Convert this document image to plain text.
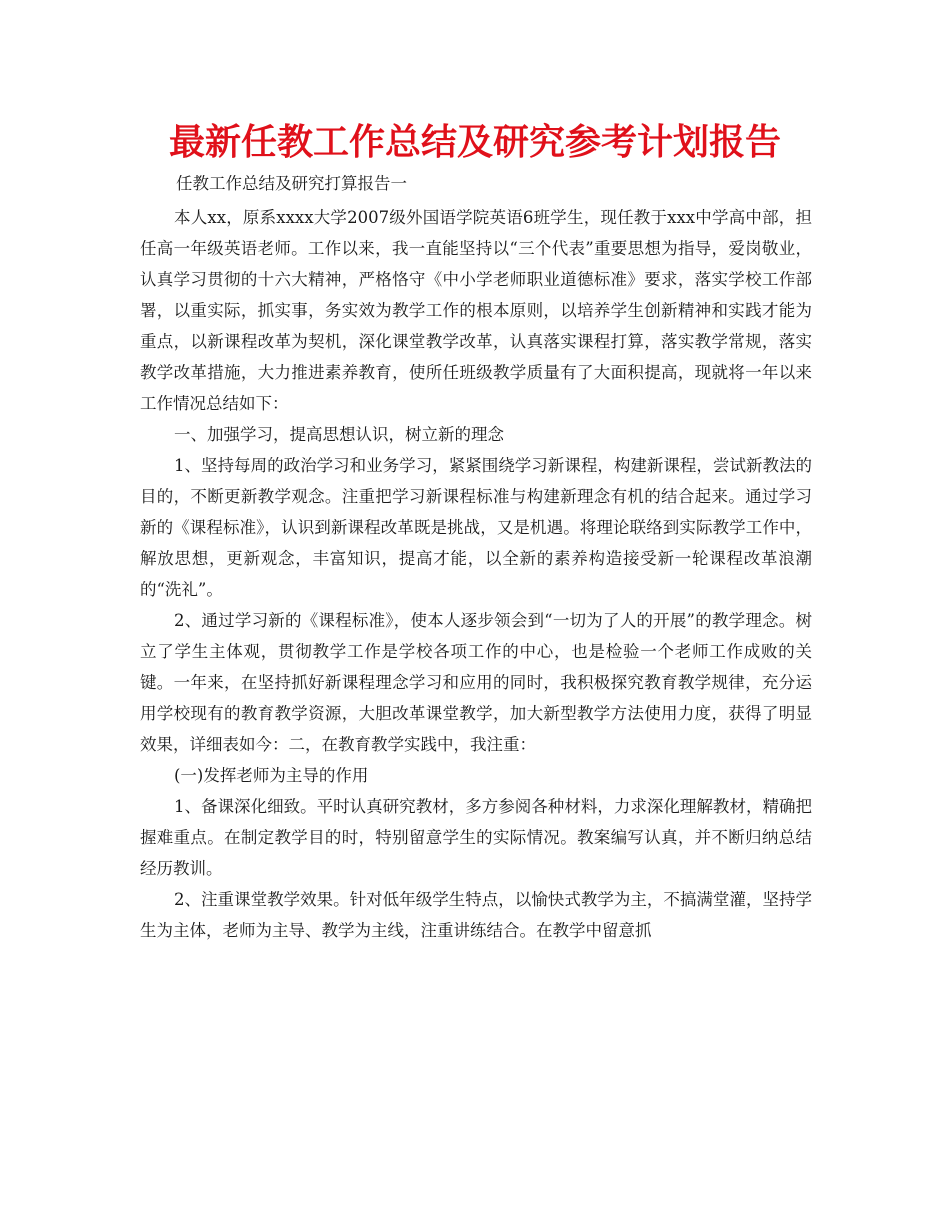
最新任教工作总结及研究参考计划报告

任教工作总结及研究打算报告一

本人xx，原系xxxx大学2007级外国语学院英语6班学生，现任教于xxx中学高中部，担任高一年级英语老师。工作以来，我一直能坚持以“三个代表”重要思想为指导，爱岗敬业，认真学习贯彻的十六大精神，严格恪守《中小学老师职业道德标准》要求，落实学校工作部署，以重实际，抓实事，务实效为教学工作的根本原则，以培养学生创新精神和实践才能为重点，以新课程改革为契机，深化课堂教学改革，认真落实课程打算，落实教学常规，落实教学改革措施，大力推进素养教育，使所任班级教学质量有了大面积提高，现就将一年以来工作情况总结如下：

一、加强学习，提高思想认识，树立新的理念

1、坚持每周的政治学习和业务学习，紧紧围绕学习新课程，构建新课程，尝试新教法的目的，不断更新教学观念。注重把学习新课程标准与构建新理念有机的结合起来。通过学习新的《课程标准》，认识到新课程改革既是挑战，又是机遇。将理论联络到实际教学工作中，解放思想，更新观念，丰富知识，提高才能，以全新的素养构造接受新一轮课程改革浪潮的“洗礼”。

2、通过学习新的《课程标准》，使本人逐步领会到“一切为了人的开展”的教学理念。树立了学生主体观，贯彻教学工作是学校各项工作的中心，也是检验一个老师工作成败的关键。一年来，在坚持抓好新课程理念学习和应用的同时，我积极探究教育教学规律，充分运用学校现有的教育教学资源，大胆改革课堂教学，加大新型教学方法使用力度，获得了明显效果，详细表如今：二，在教育教学实践中，我注重：

(一)发挥老师为主导的作用

1、备课深化细致。平时认真研究教材，多方参阅各种材料，力求深化理解教材，精确把握难重点。在制定教学目的时，特别留意学生的实际情况。教案编写认真，并不断归纳总结经历教训。

2、注重课堂教学效果。针对低年级学生特点，以愉快式教学为主，不搞满堂灌，坚持学生为主体，老师为主导、教学为主线，注重讲练结合。在教学中留意抓
